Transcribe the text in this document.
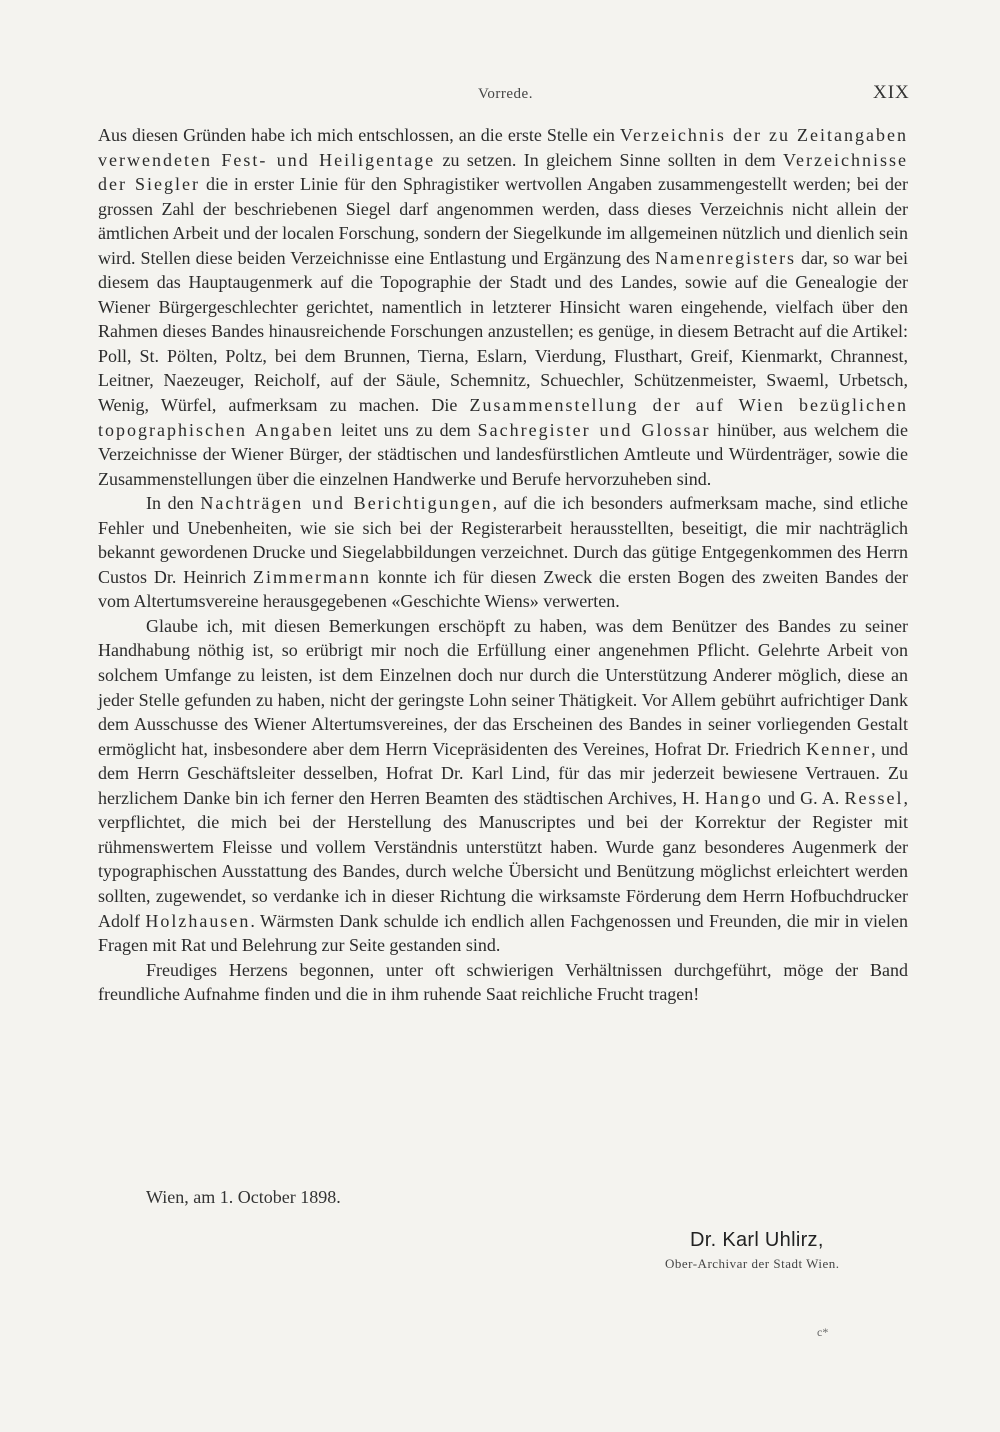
Vorrede.	XIX

Aus diesen Gründen habe ich mich entschlossen, an die erste Stelle ein Verzeichnis der zu Zeitangaben verwendeten Fest- und Heiligentage zu setzen. In gleichem Sinne sollten in dem Verzeichnisse der Siegler die in erster Linie für den Sphragistiker wertvollen Angaben zusammengestellt werden; bei der grossen Zahl der beschriebenen Siegel darf angenommen werden, dass dieses Verzeichnis nicht allein der ämtlichen Arbeit und der localen Forschung, sondern der Siegelkunde im allgemeinen nützlich und dienlich sein wird. Stellen diese beiden Verzeichnisse eine Entlastung und Ergänzung des Namenregisters dar, so war bei diesem das Hauptaugenmerk auf die Topographie der Stadt und des Landes, sowie auf die Genealogie der Wiener Bürgergeschlechter gerichtet, namentlich in letzterer Hinsicht waren eingehende, vielfach über den Rahmen dieses Bandes hinausreichende Forschungen anzustellen; es genüge, in diesem Betracht auf die Artikel: Poll, St. Pölten, Poltz, bei dem Brunnen, Tierna, Eslarn, Vierdung, Flusthart, Greif, Kienmarkt, Chrannest, Leitner, Naezeuger, Reicholf, auf der Säule, Schemnitz, Schuechler, Schützenmeister, Swaeml, Urbetsch, Wenig, Würfel, aufmerksam zu machen. Die Zusammenstellung der auf Wien bezüglichen topographischen Angaben leitet uns zu dem Sachregister und Glossar hinüber, aus welchem die Verzeichnisse der Wiener Bürger, der städtischen und landesfürstlichen Amtleute und Würdenträger, sowie die Zusammenstellungen über die einzelnen Handwerke und Berufe hervorzuheben sind.

In den Nachträgen und Berichtigungen, auf die ich besonders aufmerksam mache, sind etliche Fehler und Unebenheiten, wie sie sich bei der Registerarbeit herausstellten, beseitigt, die mir nachträglich bekannt gewordenen Drucke und Siegelabbildungen verzeichnet. Durch das gütige Entgegenkommen des Herrn Custos Dr. Heinrich Zimmermann konnte ich für diesen Zweck die ersten Bogen des zweiten Bandes der vom Altertumsvereine herausgegebenen «Geschichte Wiens» verwerten.

Glaube ich, mit diesen Bemerkungen erschöpft zu haben, was dem Benützer des Bandes zu seiner Handhabung nöthig ist, so erübrigt mir noch die Erfüllung einer angenehmen Pflicht. Gelehrte Arbeit von solchem Umfange zu leisten, ist dem Einzelnen doch nur durch die Unterstützung Anderer möglich, diese an jeder Stelle gefunden zu haben, nicht der geringste Lohn seiner Thätigkeit. Vor Allem gebührt aufrichtiger Dank dem Ausschusse des Wiener Altertumsvereines, der das Erscheinen des Bandes in seiner vorliegenden Gestalt ermöglicht hat, insbesondere aber dem Herrn Vicepräsidenten des Vereines, Hofrat Dr. Friedrich Kenner, und dem Herrn Geschäftsleiter desselben, Hofrat Dr. Karl Lind, für das mir jederzeit bewiesene Vertrauen. Zu herzlichem Danke bin ich ferner den Herren Beamten des städtischen Archives, H. Hango und G. A. Ressel, verpflichtet, die mich bei der Herstellung des Manuscriptes und bei der Korrektur der Register mit rühmenswertem Fleisse und vollem Verständnis unterstützt haben. Wurde ganz besonderes Augenmerk der typographischen Ausstattung des Bandes, durch welche Übersicht und Benützung möglichst erleichtert werden sollten, zugewendet, so verdanke ich in dieser Richtung die wirksamste Förderung dem Herrn Hofbuchdrucker Adolf Holzhausen. Wärmsten Dank schulde ich endlich allen Fachgenossen und Freunden, die mir in vielen Fragen mit Rat und Belehrung zur Seite gestanden sind.

Freudiges Herzens begonnen, unter oft schwierigen Verhältnissen durchgeführt, möge der Band freundliche Aufnahme finden und die in ihm ruhende Saat reichliche Frucht tragen!

Wien, am 1. October 1898.
Dr. Karl Uhlirz,
Ober-Archivar der Stadt Wien.
c*
